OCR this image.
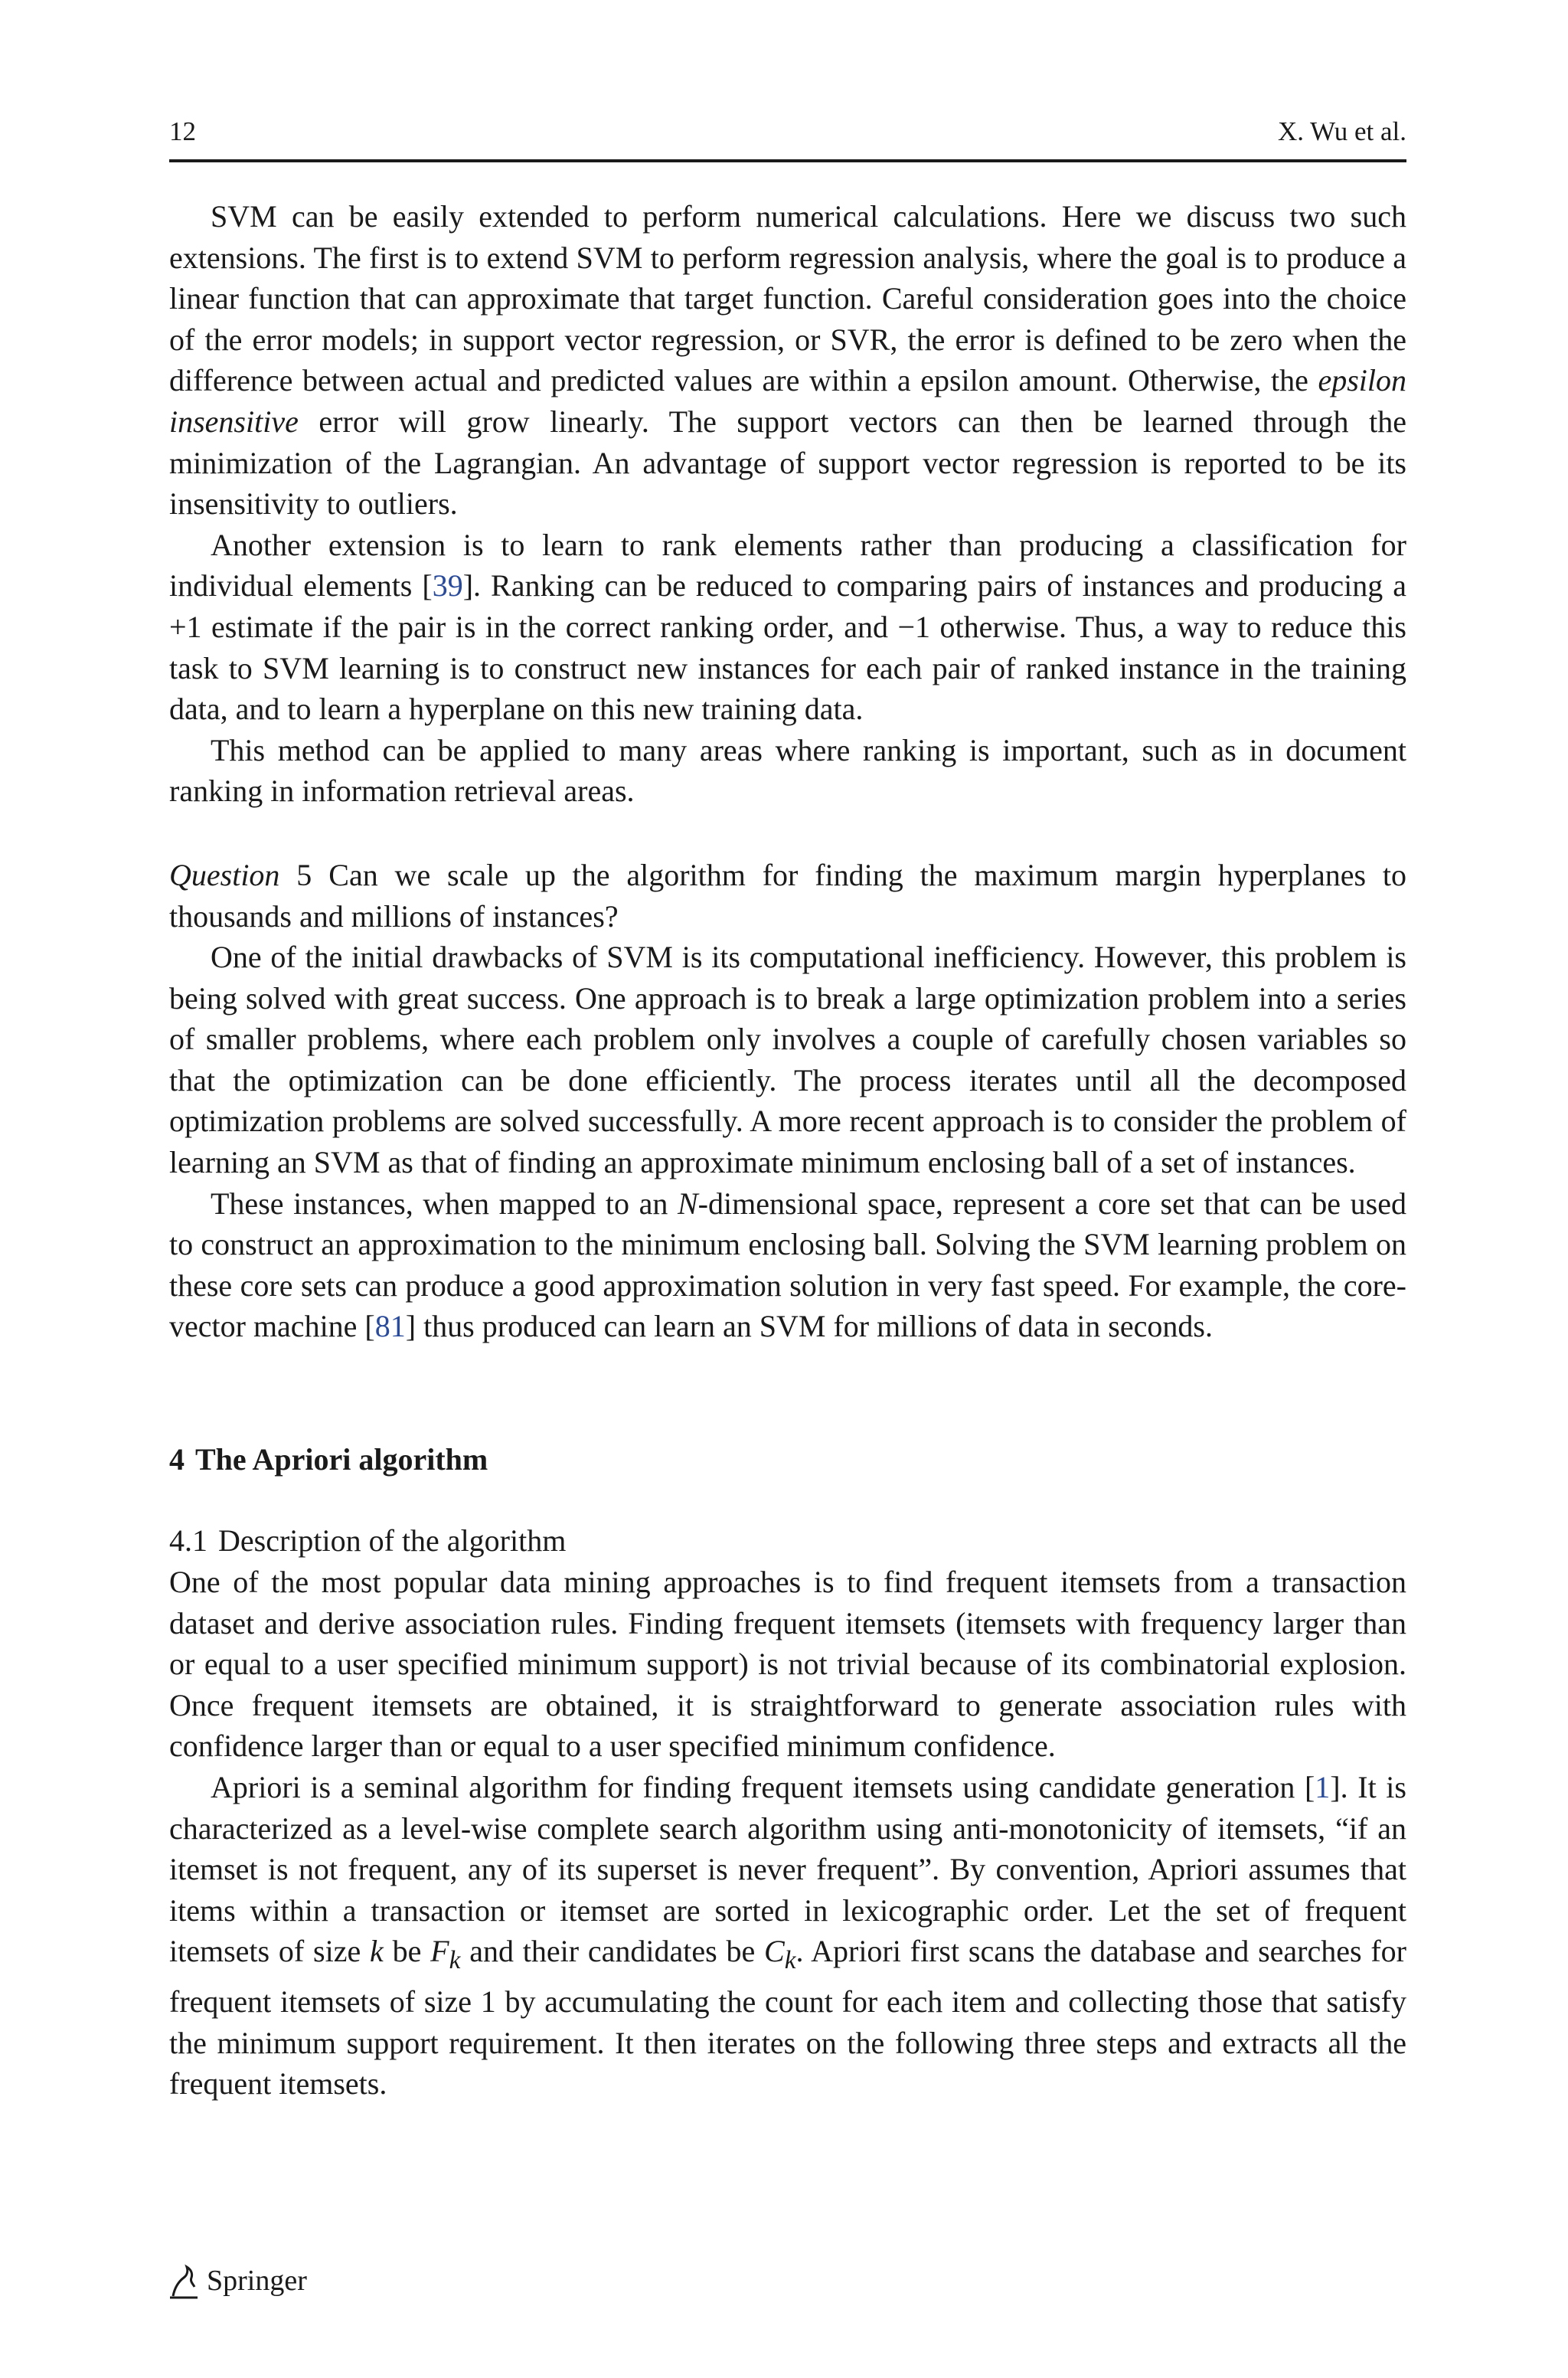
12	X. Wu et al.

SVM can be easily extended to perform numerical calculations. Here we discuss two such extensions. The first is to extend SVM to perform regression analysis, where the goal is to produce a linear function that can approximate that target function. Careful consideration goes into the choice of the error models; in support vector regression, or SVR, the error is defined to be zero when the difference between actual and predicted values are within a epsilon amount. Otherwise, the epsilon insensitive error will grow linearly. The support vectors can then be learned through the minimization of the Lagrangian. An advantage of support vector regression is reported to be its insensitivity to outliers.

Another extension is to learn to rank elements rather than producing a classification for individual elements [39]. Ranking can be reduced to comparing pairs of instances and producing a +1 estimate if the pair is in the correct ranking order, and −1 otherwise. Thus, a way to reduce this task to SVM learning is to construct new instances for each pair of ranked instance in the training data, and to learn a hyperplane on this new training data.

This method can be applied to many areas where ranking is important, such as in document ranking in information retrieval areas.

Question 5 Can we scale up the algorithm for finding the maximum margin hyperplanes to thousands and millions of instances?

One of the initial drawbacks of SVM is its computational inefficiency. However, this problem is being solved with great success. One approach is to break a large optimization problem into a series of smaller problems, where each problem only involves a couple of carefully chosen variables so that the optimization can be done efficiently. The process iterates until all the decomposed optimization problems are solved successfully. A more recent approach is to consider the problem of learning an SVM as that of finding an approximate minimum enclosing ball of a set of instances.

These instances, when mapped to an N-dimensional space, represent a core set that can be used to construct an approximation to the minimum enclosing ball. Solving the SVM learning problem on these core sets can produce a good approximation solution in very fast speed. For example, the core-vector machine [81] thus produced can learn an SVM for millions of data in seconds.

4 The Apriori algorithm
4.1 Description of the algorithm

One of the most popular data mining approaches is to find frequent itemsets from a transaction dataset and derive association rules. Finding frequent itemsets (itemsets with frequency larger than or equal to a user specified minimum support) is not trivial because of its combinatorial explosion. Once frequent itemsets are obtained, it is straightforward to generate association rules with confidence larger than or equal to a user specified minimum confidence.

Apriori is a seminal algorithm for finding frequent itemsets using candidate generation [1]. It is characterized as a level-wise complete search algorithm using anti-monotonicity of itemsets, “if an itemset is not frequent, any of its superset is never frequent”. By convention, Apriori assumes that items within a transaction or itemset are sorted in lexicographic order. Let the set of frequent itemsets of size k be $F_k$ and their candidates be $C_k$. Apriori first scans the database and searches for frequent itemsets of size 1 by accumulating the count for each item and collecting those that satisfy the minimum support requirement. It then iterates on the following three steps and extracts all the frequent itemsets.

Springer
